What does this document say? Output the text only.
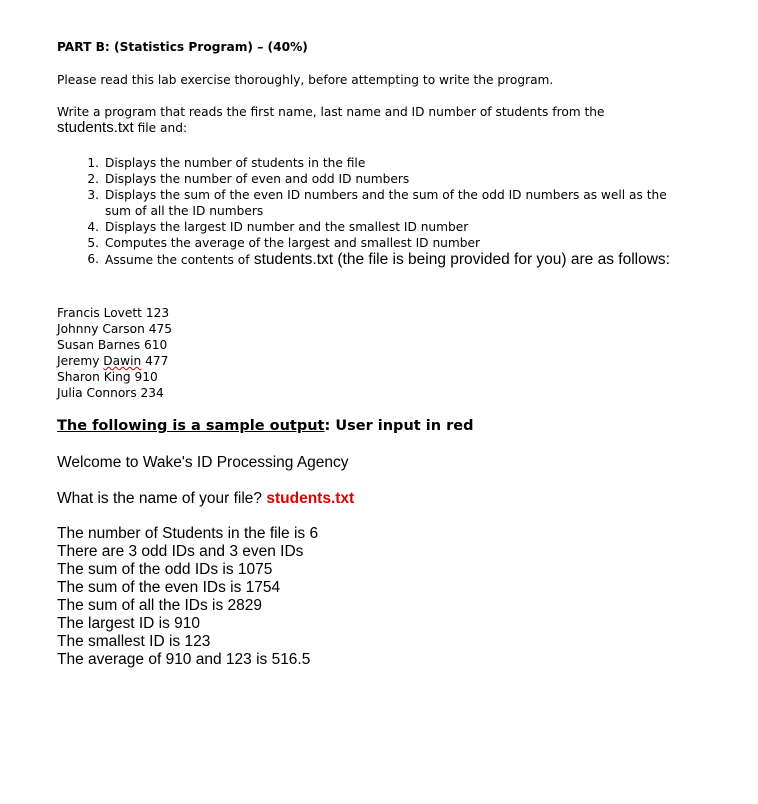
PART B: (Statistics Program) – (40%)
Please read this lab exercise thoroughly, before attempting to write the program.
Write a program that reads the first name, last name and ID number of students from the
students.txt file and:
1. Displays the number of students in the file
2. Displays the number of even and odd ID numbers
3. Displays the sum of the even ID numbers and the sum of the odd ID numbers as well as the sum of all the ID numbers
4. Displays the largest ID number and the smallest ID number
5. Computes the average of the largest and smallest ID number
6. Assume the contents of students.txt (the file is being provided for you) are as follows:
Francis Lovett 123
Johnny Carson 475
Susan Barnes 610
Jeremy Dawin 477
Sharon King 910
Julia Connors 234
The following is a sample output: User input in red
Welcome to Wake's ID Processing Agency
What is the name of your file? students.txt
The number of Students in the file is 6
There are 3 odd IDs and 3 even IDs
The sum of the odd IDs is 1075
The sum of the even IDs is 1754
The sum of all the IDs is 2829
The largest ID is 910
The smallest ID is 123
The average of 910 and 123 is 516.5
